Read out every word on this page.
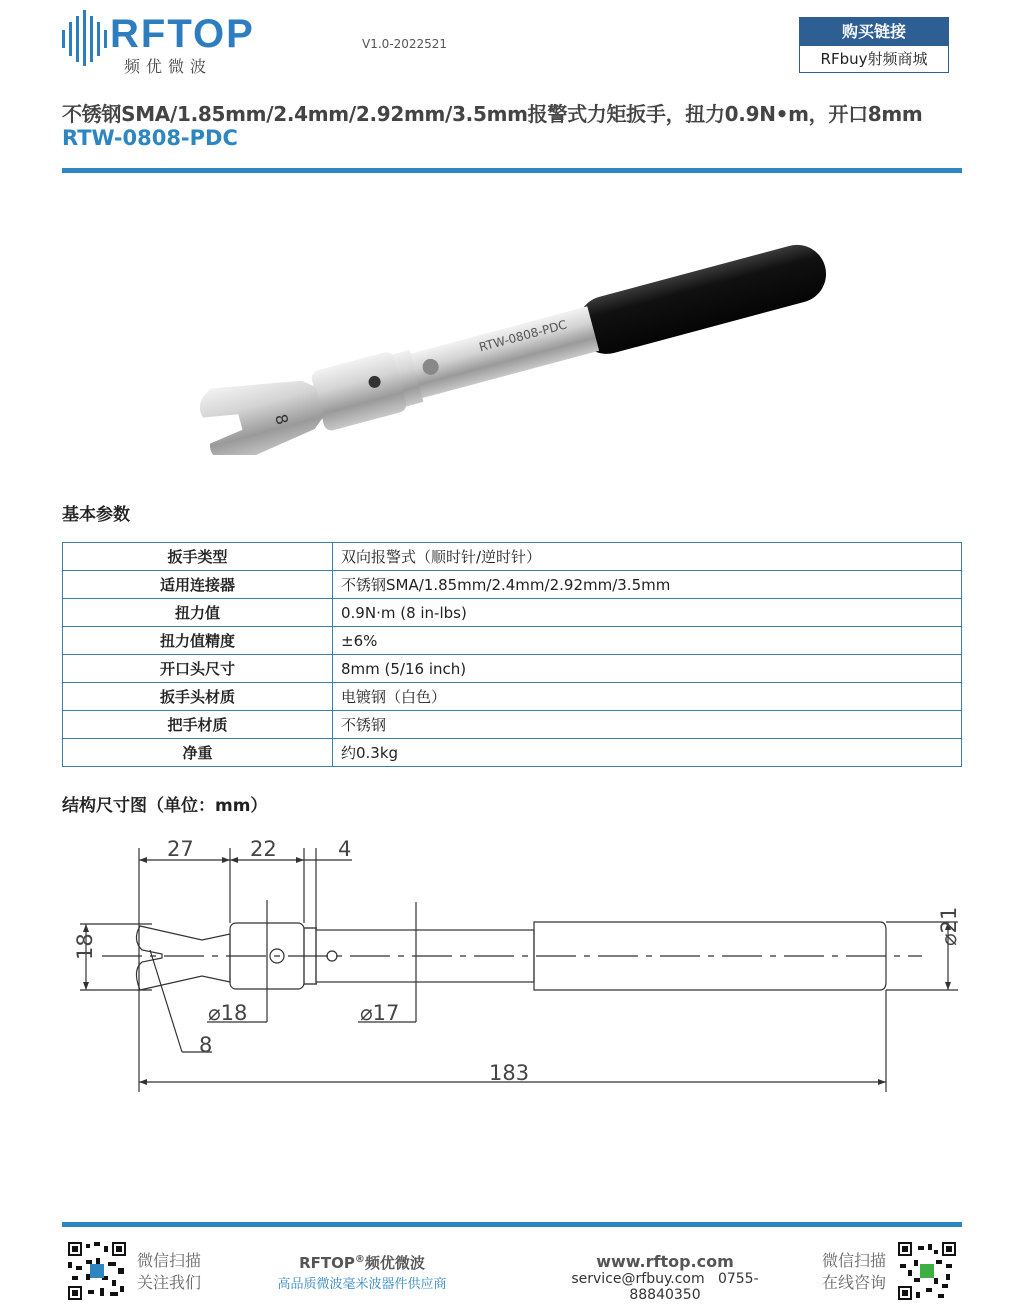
RFTOP
频优微波
V1.0-2022521
购买链接
RFbuy射频商城
不锈钢SMA/1.85mm/2.4mm/2.92mm/3.5mm报警式力矩扳手，扭力0.9N•m，开口8mm
RTW-0808-PDC
RTW-0808-PDC
8
基本参数
扳手类型	双向报警式（顺时针/逆时针）
适用连接器	不锈钢SMA/1.85mm/2.4mm/2.92mm/3.5mm
扭力值	0.9N·m (8 in-lbs)
扭力值精度	±6%
开口头尺寸	8mm (5/16 inch)
扳手头材质	电镀钢（白色）
把手材质	不锈钢
净重	约0.3kg
结构尺寸图（单位：mm）
27	22	4
18
⌀18	⌀17
⌀21
8
183
微信扫描
关注我们
RFTOP®频优微波
高品质微波毫米波器件供应商
www.rftop.com
service@rfbuy.com 0755-88840350
微信扫描
在线咨询
